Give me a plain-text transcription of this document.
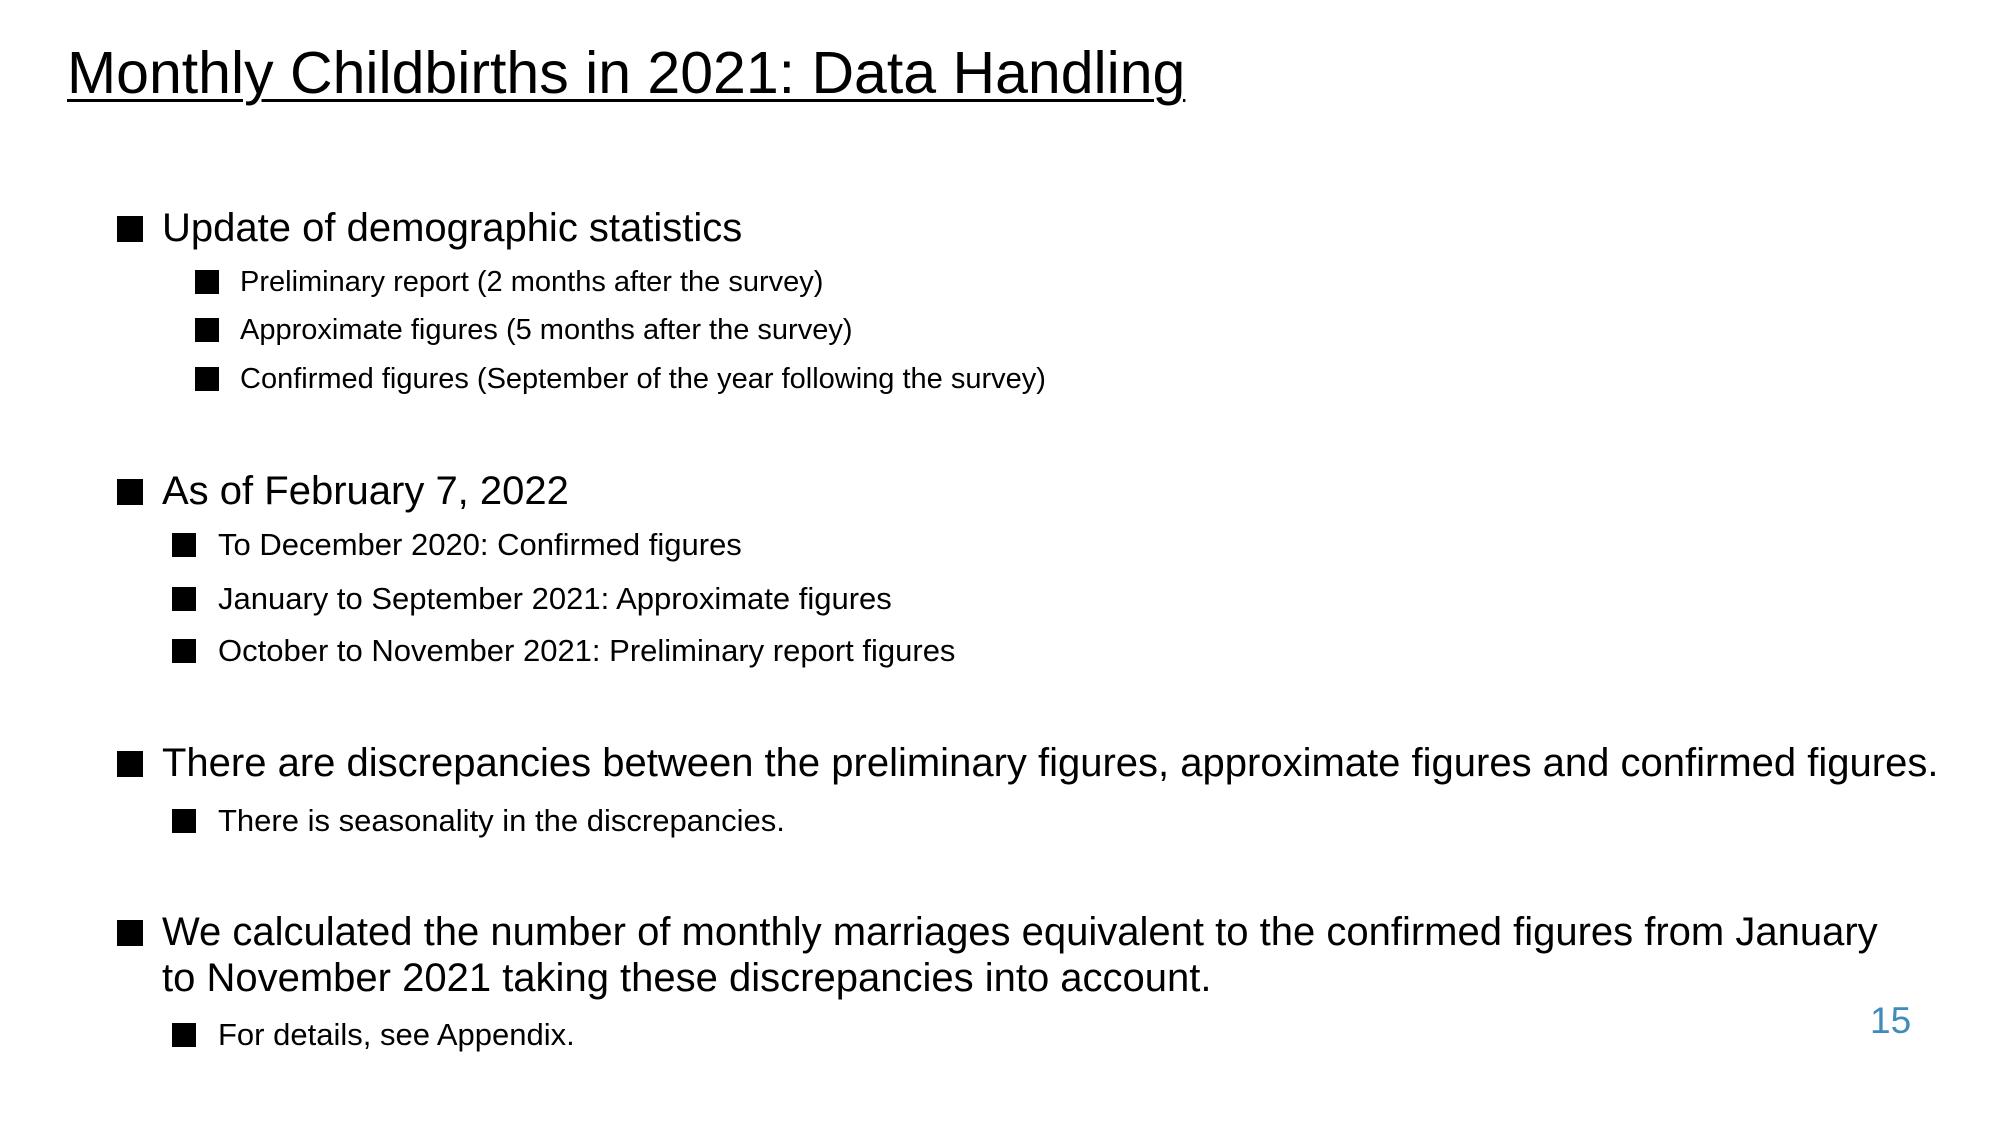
Monthly Childbirths in 2021: Data Handling
Update of demographic statistics
Preliminary report (2 months after the survey)
Approximate figures (5 months after the survey)
Confirmed figures (September of the year following the survey)
As of February 7, 2022
To December 2020: Confirmed figures
January to September 2021: Approximate figures
October to November 2021: Preliminary report figures
There are discrepancies between the preliminary figures, approximate figures and confirmed figures.
There is seasonality in the discrepancies.
We calculated the number of monthly marriages equivalent to the confirmed figures from January to November 2021 taking these discrepancies into account.
For details, see Appendix.	15
